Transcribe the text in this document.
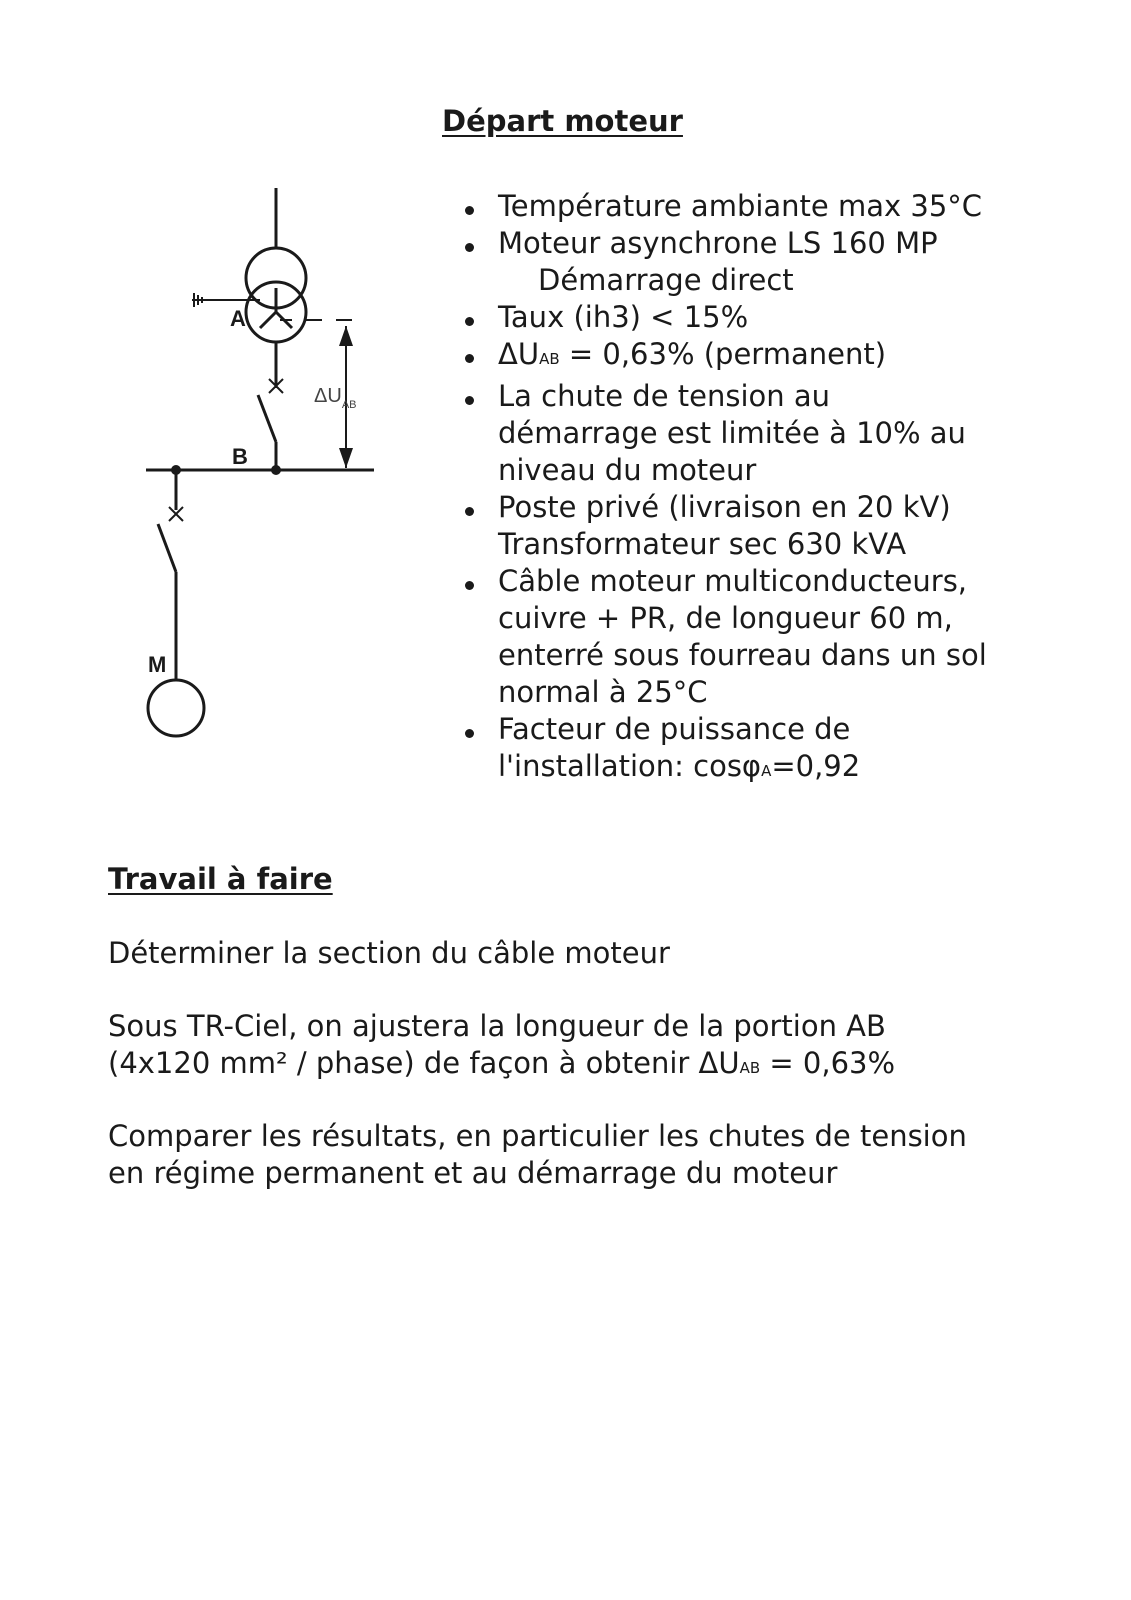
Départ moteur
A
B
M
$\Delta U_{AB}$
Température ambiante max 35°C
Moteur asynchrone LS 160 MP
Démarrage direct
Taux (ih3) < 15%
ΔUAB = 0,63% (permanent)
La chute de tension au
démarrage est limitée à 10% au
niveau du moteur
Poste privé (livraison en 20 kV)
Transformateur sec 630 kVA
Câble moteur multiconducteurs,
cuivre + PR, de longueur 60 m,
enterré sous fourreau dans un sol
normal à 25°C
Facteur de puissance de
l'installation: cosφA=0,92
Travail à faire

Déterminer la section du câble moteur

Sous TR-Ciel, on ajustera la longueur de la portion AB
(4x120 mm² / phase) de façon à obtenir ΔUAB = 0,63%

Comparer les résultats, en particulier les chutes de tension
en régime permanent et au démarrage du moteur
